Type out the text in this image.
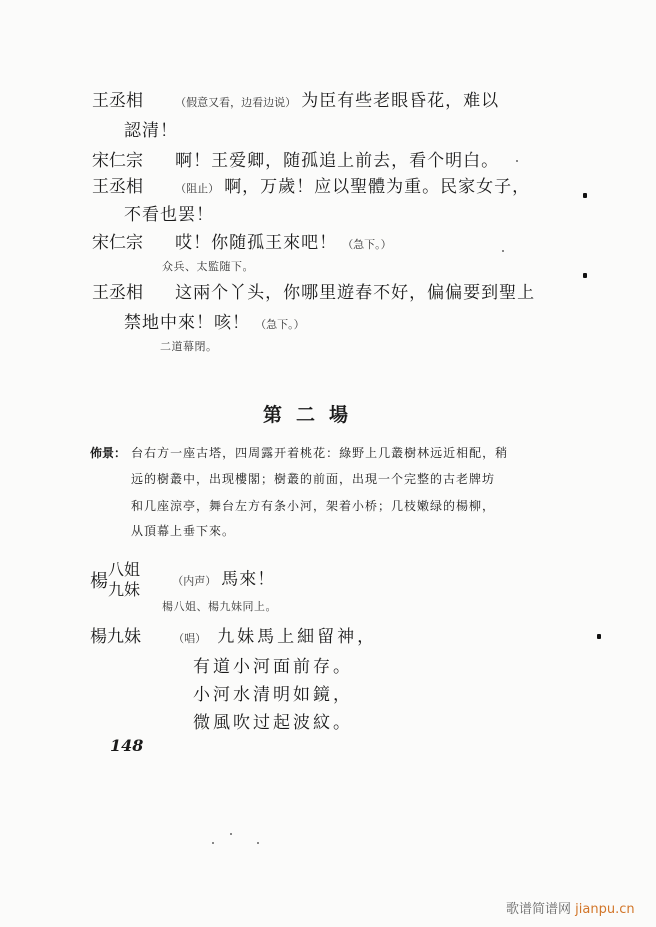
王丞相	（假意又看，边看边说） 为臣有些老眼昏花，难以
認清！
宋仁宗 啊！王爱卿，随孤追上前去，看个明白。
王丞相	（阻止） 啊，万歲！应以聖體为重。民家女子，
不看也罢！
宋仁宗 哎！你随孤王來吧！ （急下。）
众兵、太監随下。
王丞相 这兩个丫头，你哪里遊春不好，偏偏要到聖上
禁地中來！咳！ （急下。）
二道幕閉。
第二場
佈景： 台右方一座古塔，四周露开着桃花：綠野上几叢樹林远近相配，稍
远的樹叢中，出现樓閣；樹叢的前面，出現一个完整的古老牌坊
和几座涼亭，舞台左方有条小河，架着小桥；几枝嫩绿的楊柳，
从頂幕上垂下來。
楊八姐
九妹	（内声） 馬來！
楊八姐、楊九妹同上。
楊九妹	（唱） 九妹馬上細留神，
有道小河面前存。
小河水清明如鏡，
微風吹过起波紋。
148
歌谱简谱网 jianpu.cn
